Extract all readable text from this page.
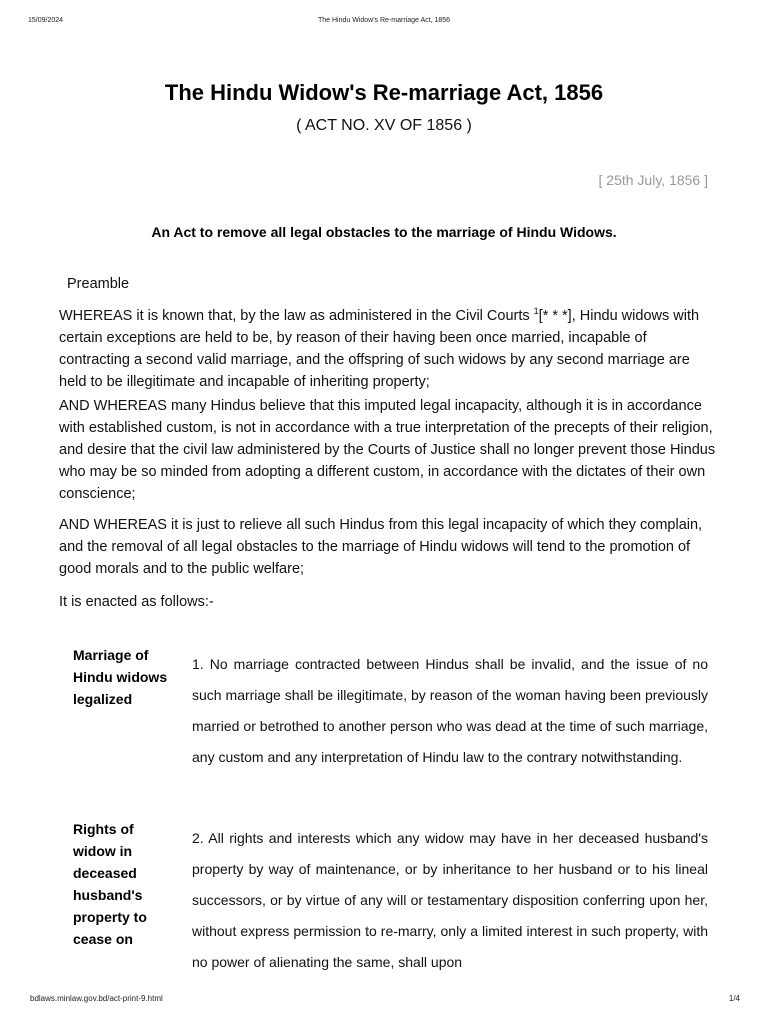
15/09/2024	The Hindu Widow's Re-marriage Act, 1856
The Hindu Widow's Re-marriage Act, 1856
( ACT NO. XV OF 1856 )
[ 25th July, 1856 ]
An Act to remove all legal obstacles to the marriage of Hindu Widows.
Preamble
WHEREAS it is known that, by the law as administered in the Civil Courts $^1$[* * *], Hindu widows with certain exceptions are held to be, by reason of their having been once married, incapable of contracting a second valid marriage, and the offspring of such widows by any second marriage are held to be illegitimate and incapable of inheriting property;
AND WHEREAS many Hindus believe that this imputed legal incapacity, although it is in accordance with established custom, is not in accordance with a true interpretation of the precepts of their religion, and desire that the civil law administered by the Courts of Justice shall no longer prevent those Hindus who may be so minded from adopting a different custom, in accordance with the dictates of their own conscience;
AND WHEREAS it is just to relieve all such Hindus from this legal incapacity of which they complain, and the removal of all legal obstacles to the marriage of Hindu widows will tend to the promotion of good morals and to the public welfare;
It is enacted as follows:-
Marriage of Hindu widows legalized
1. No marriage contracted between Hindus shall be invalid, and the issue of no such marriage shall be illegitimate, by reason of the woman having been previously married or betrothed to another person who was dead at the time of such marriage, any custom and any interpretation of Hindu law to the contrary notwithstanding.
Rights of widow in deceased husband's property to cease on
2. All rights and interests which any widow may have in her deceased husband's property by way of maintenance, or by inheritance to her husband or to his lineal successors, or by virtue of any will or testamentary disposition conferring upon her, without express permission to re-marry, only a limited interest in such property, with no power of alienating the same, shall upon
bdlaws.minlaw.gov.bd/act-print-9.html	1/4
